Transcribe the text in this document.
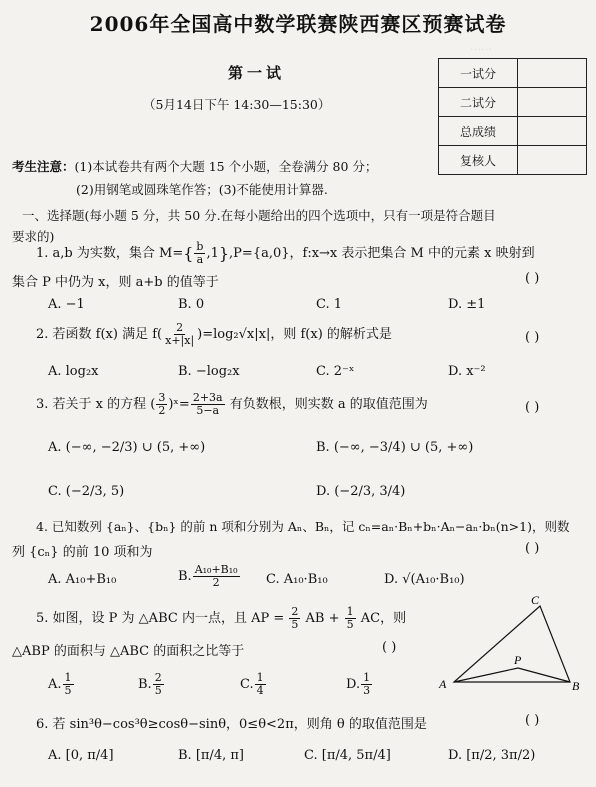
……
2006年全国高中数学联赛陕西赛区预赛试卷
第一试
（5月14日下午 14:30—15:30）
一试分	
二试分	
总成绩	
复核人	
考生注意：(1)本试卷共有两个大题 15 个小题，全卷满分 80 分；
(2)用钢笔或圆珠笔作答；(3)不能使用计算器.
一、选择题(每小题 5 分，共 50 分.在每小题给出的四个选项中，只有一项是符合题目
要求的)
1. a,b 为实数，集合 $M=\{ \frac{b}{a} ,1\},P=\{a,0\}$，f:x→x 表示把集合 M 中的元素 x 映射到
集合 P 中仍为 x，则 a+b 的值等于	( )
A. −1	B. 0	C. 1	D. ±1
2. 若函数 f(x) 满足 $f( \frac{2}{x+|x|} )=\log_2√x|x|$，则 f(x) 的解析式是	( )
A. log₂x	B. −log₂x	C. 2⁻ˣ	D. x⁻²
3. 若关于 x 的方程 ( $\frac{3}{2}$ )ˣ= $\frac{2+3a}{5-a}$ 有负数根，则实数 a 的取值范围为	( )
A. (−∞, −2/3) ∪ (5, +∞)	B. (−∞, −3/4) ∪ (5, +∞)
C. (−2/3, 5)	D. (−2/3, 3/4)
4. 已知数列 {aₙ}、{bₙ} 的前 n 项和分别为 Aₙ、Bₙ，记 cₙ=aₙ·Bₙ+bₙ·Aₙ−aₙ·bₙ(n>1)，则数
列 {cₙ} 的前 10 项和为	( )
A. A₁₀+B₁₀	B. $\frac{\text{A₁₀+B₁₀}}{2} C$. A₁₀·B₁₀	D. √(A₁₀·B₁₀)
5. 如图，设 P 为 △ABC 内一点，且 AP = $\frac{2}{5}$ AB + $\frac{1}{5}$ AC，则
△ABP 的面积与 △ABC 的面积之比等于	( )
A. $\frac{1}{5}$	B. $\frac{2}{5}$	C. $\frac{1}{4}$	D. $\frac{1}{3}$	A	B
C
P
6. 若 sin³θ−cos³θ≥cosθ−sinθ，0≤θ<2π，则角 θ 的取值范围是	( )
A. [0, π/4]	B. [π/4, π]	C. [π/4, 5π/4]	D. [π/2, 3π/2)
